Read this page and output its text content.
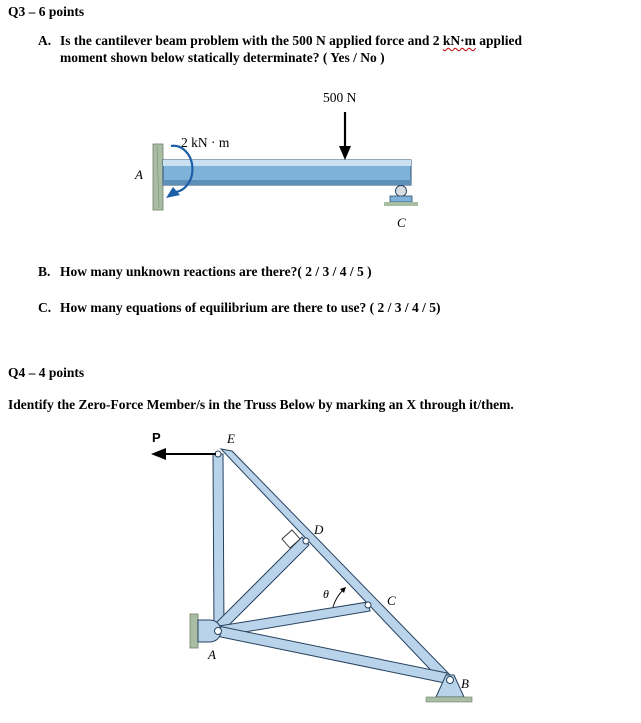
Q3 – 6 points
A. Is the cantilever beam problem with the 500 N applied force and 2 kN·m applied
moment shown below statically determinate? ( Yes / No )
500 N
2 kN · m
A
C
B. How many unknown reactions are there?( 2 / 3 / 4 / 5 )
C. How many equations of equilibrium are there to use? ( 2 / 3 / 4 / 5)
Q4 – 4 points
Identify the Zero-Force Member/s in the Truss Below by marking an X through it/them.
P	E
D
C
A
B
θ
